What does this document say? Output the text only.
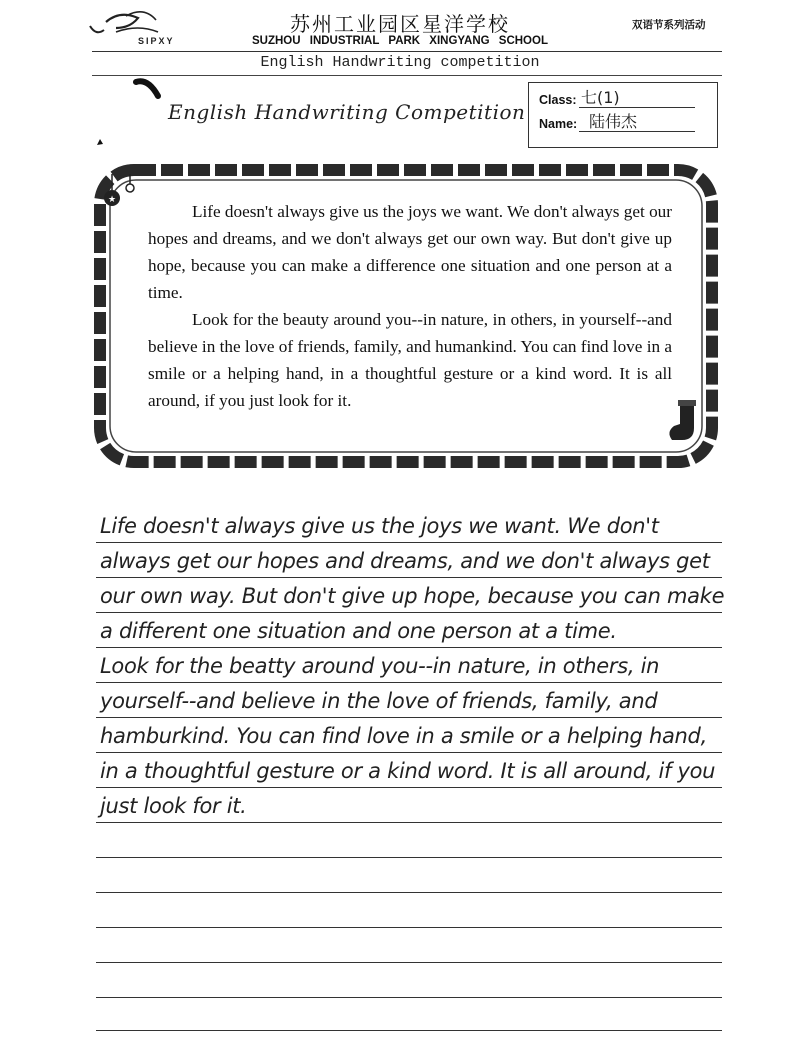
SIPXY
苏州工业园区星洋学校
SUZHOU INDUSTRIAL PARK XINGYANG SCHOOL
双语节系列活动
English Handwriting competition
English Handwriting Competition Class: 七(1)
Name: 陆伟杰
★

Life doesn't always give us the joys we want. We don't always get our hopes and dreams, and we don't always get our own way. But don't give up hope, because you can make a difference one situation and one person at a time.

Look for the beauty around you--in nature, in others, in yourself--and believe in the love of friends, family, and humankind. You can find love in a smile or a helping hand, in a thoughtful gesture or a kind word. It is all around, if you just look for it.

Life doesn't always give us the joys we want. We don't
always get our hopes and dreams, and we don't always get
our own way. But don't give up hope, because you can make
a different one situation and one person at a time.
Look for the beatty around you--in nature, in others, in
yourself--and believe in the love of friends, family, and
hamburkind. You can find love in a smile or a helping hand,
in a thoughtful gesture or a kind word. It is all around, if you
just look for it.
